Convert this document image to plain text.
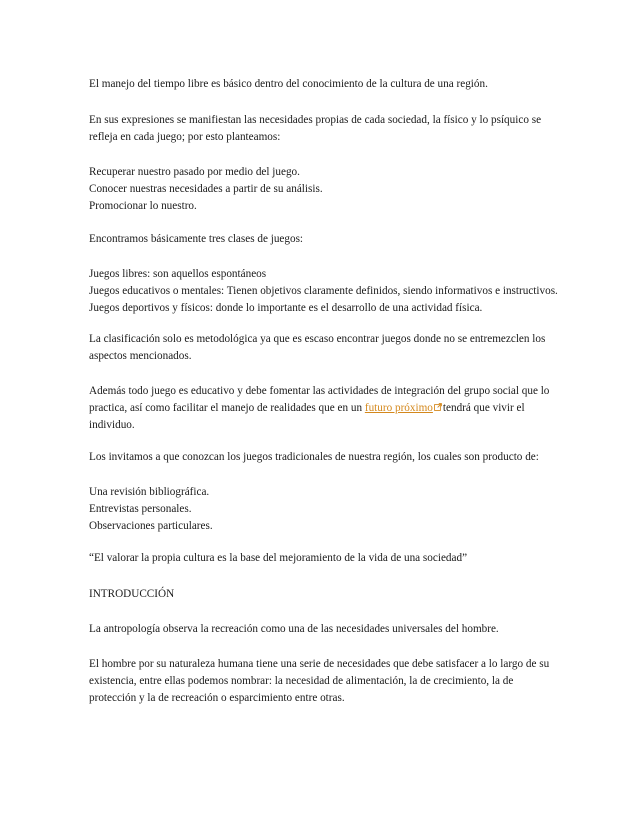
El manejo del tiempo libre es básico dentro del conocimiento de la cultura de una región.
En sus expresiones se manifiestan las necesidades propias de cada sociedad, la físico y lo psíquico se
refleja en cada juego; por esto planteamos:
Recuperar nuestro pasado por medio del juego.
Conocer nuestras necesidades a partir de su análisis.
Promocionar lo nuestro.
Encontramos básicamente tres clases de juegos:
Juegos libres: son aquellos espontáneos
Juegos educativos o mentales: Tienen objetivos claramente definidos, siendo informativos e instructivos.
Juegos deportivos y físicos: donde lo importante es el desarrollo de una actividad física.
La clasificación solo es metodológica ya que es escaso encontrar juegos donde no se entremezclen los
aspectos mencionados.
Además todo juego es educativo y debe fomentar las actividades de integración del grupo social que lo
practica, así como facilitar el manejo de realidades que en un futuro próximo tendrá que vivir el
individuo.
Los invitamos a que conozcan los juegos tradicionales de nuestra región, los cuales son producto de:
Una revisión bibliográfica.
Entrevistas personales.
Observaciones particulares.
“El valorar la propia cultura es la base del mejoramiento de la vida de una sociedad”
INTRODUCCIÓN
La antropología observa la recreación como una de las necesidades universales del hombre.
El hombre por su naturaleza humana tiene una serie de necesidades que debe satisfacer a lo largo de su
existencia, entre ellas podemos nombrar: la necesidad de alimentación, la de crecimiento, la de
protección y la de recreación o esparcimiento entre otras.
